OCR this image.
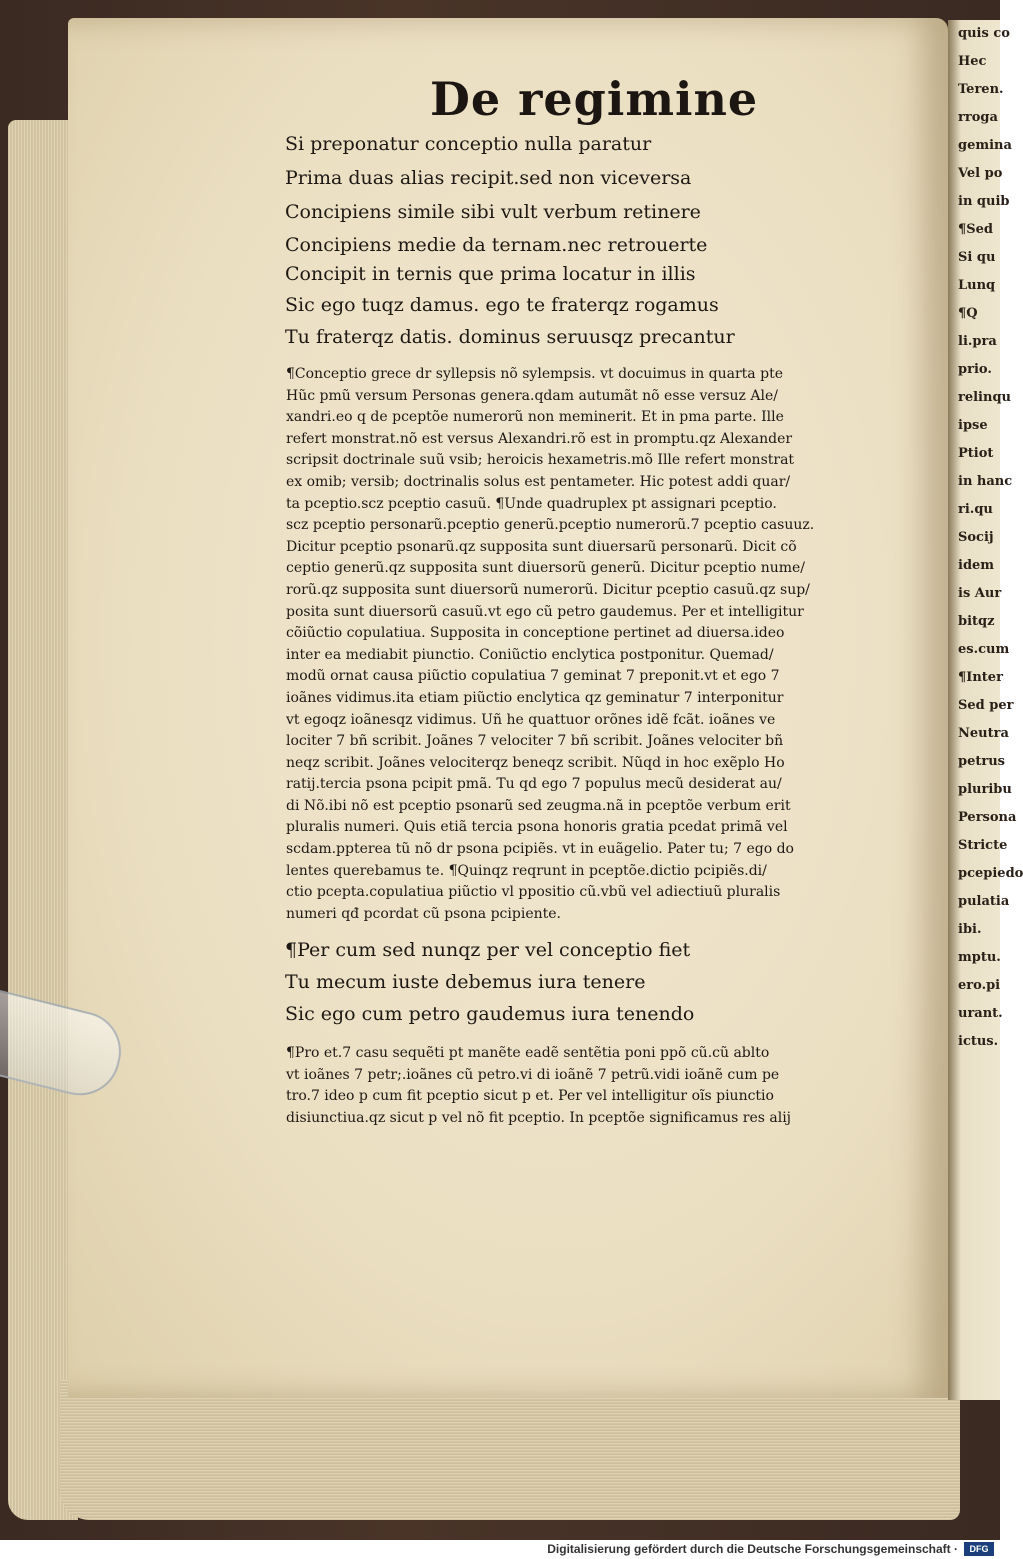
quis co
Hec
Teren.
rroga
gemina
Vel po
in quib
¶Sed
Si qu
Lunq
¶Q
li.pra
prio.
relinqu
ipse
Ptiot
in hanc
ri.qu
Socij
idem
is Aur
bitqz
es.cum
¶Inter
Sed per
Neutra
petrus
pluribu
Persona
Stricte
pcepiedo
pulatia
ibi.
mptu.
ero.pi
urant.
ictus.
De regimine
Si preponatur conceptio nulla paratur
Prima duas alias recipit.sed non viceversa
Concipiens simile sibi vult verbum retinere
Concipiens medie da ternam.nec retrouerte
Concipit in ternis que prima locatur in illis
Sic ego tuqz damus. ego te fraterqz rogamus
Tu fraterqz datis. dominus seruusqz precantur
¶Conceptio grece dr syllepsis nõ sylempsis. vt docuimus in quarta pte
Hũc pmũ versum Personas genera.qdam autumãt nõ esse versuz Ale/
xandri.eo q de pceptõe numerorũ non meminerit. Et in pma parte. Ille
refert monstrat.nõ est versus Alexandri.rõ est in promptu.qz Alexander
scripsit doctrinale suũ vsib; heroicis hexametris.mõ Ille refert monstrat
ex omib; versib; doctrinalis solus est pentameter. Hic potest addi quar/
ta pceptio.scz pceptio casuũ. ¶Unde quadruplex pt assignari pceptio.
scz pceptio personarũ.pceptio generũ.pceptio numerorũ.7 pceptio casuuz.
Dicitur pceptio psonarũ.qz supposita sunt diuersarũ personarũ. Dicit cõ
ceptio generũ.qz supposita sunt diuersorũ generũ. Dicitur pceptio nume/
rorũ.qz supposita sunt diuersorũ numerorũ. Dicitur pceptio casuũ.qz sup/
posita sunt diuersorũ casuũ.vt ego cũ petro gaudemus. Per et intelligitur
cõiũctio copulatiua. Supposita in conceptione pertinet ad diuersa.ideo
inter ea mediabit piunctio. Coniũctio enclytica postponitur. Quemad/
modũ ornat causa piũctio copulatiua 7 geminat 7 preponit.vt et ego 7
ioãnes vidimus.ita etiam piũctio enclytica qz geminatur 7 interponitur
vt egoqz ioãnesqz vidimus. Uñ he quattuor orõnes idẽ fcãt. ioãnes ve
lociter 7 bñ scribit. Joãnes 7 velociter 7 bñ scribit. Joãnes velociter bñ
neqz scribit. Joãnes velociterqz beneqz scribit. Nũqd in hoc exẽplo Ho
ratij.tercia psona pcipit pmã. Tu qd ego 7 populus mecũ desiderat au/
di Nõ.ibi nõ est pceptio psonarũ sed zeugma.nã in pceptõe verbum erit
pluralis numeri. Quis etiã tercia psona honoris gratia pcedat primã vel
scdam.ppterea tũ nõ dr psona pcipiẽs. vt in euãgelio. Pater tu; 7 ego do
lentes querebamus te. ¶Quinqz reqrunt in pceptõe.dictio pcipiẽs.di/
ctio pcepta.copulatiua piũctio vl ppositio cũ.vbũ vel adiectiuũ pluralis
numeri qđ pcordat cũ psona pcipiente.
¶Per cum sed nunqz per vel conceptio fiet
Tu mecum iuste debemus iura tenere
Sic ego cum petro gaudemus iura tenendo
¶Pro et.7 casu sequẽti pt manẽte eadẽ sentẽtia poni ppõ cũ.cũ ablto
vt ioãnes 7 petr;.ioãnes cũ petro.vi di ioãnẽ 7 petrũ.vidi ioãnẽ cum pe
tro.7 ideo p cum fit pceptio sicut p et. Per vel intelligitur oĩs piunctio
disiunctiua.qz sicut p vel nõ fit pceptio. In pceptõe significamus res alij
Digitalisierung gefördert durch die Deutsche Forschungsgemeinschaft ·	DFG
